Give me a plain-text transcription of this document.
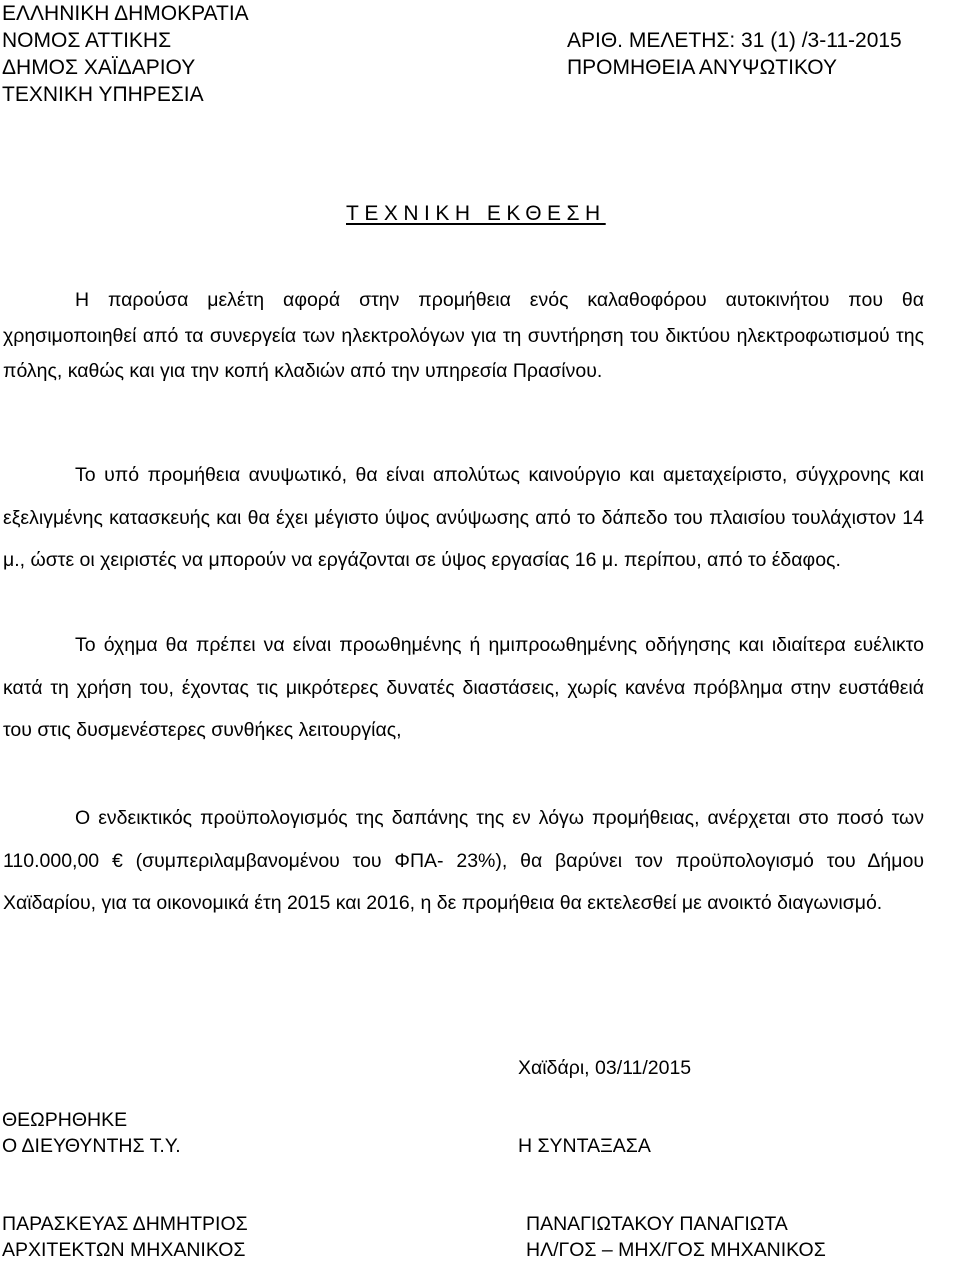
ΕΛΛΗΝΙΚΗ ΔΗΜΟΚΡΑΤΙΑ
ΝΟΜΟΣ ΑΤΤΙΚΗΣ
ΔΗΜΟΣ ΧΑΪΔΑΡΙΟΥ
ΤΕΧΝΙΚΗ ΥΠΗΡΕΣΙΑ
ΑΡΙΘ. ΜΕΛΕΤΗΣ: 31 (1) /3-11-2015
ΠΡΟΜΗΘΕΙΑ ΑΝΥΨΩΤΙΚΟΥ
ΤΕΧΝΙΚΗ ΕΚΘΕΣΗ

Η παρούσα μελέτη αφορά στην προμήθεια ενός καλαθοφόρου αυτοκινήτου που θα χρησιμοποιηθεί από τα συνεργεία των ηλεκτρολόγων για τη συντήρηση του δικτύου ηλεκτροφωτισμού της πόλης, καθώς και για την κοπή κλαδιών από την υπηρεσία Πρασίνου.

Το υπό προμήθεια ανυψωτικό, θα είναι απολύτως καινούργιο και αμεταχείριστο, σύγχρονης και εξελιγμένης κατασκευής και θα έχει μέγιστο ύψος ανύψωσης από το δάπεδο του πλαισίου τουλάχιστον 14 μ., ώστε οι χειριστές να μπορούν να εργάζονται σε ύψος εργασίας 16 μ. περίπου, από το έδαφος.

Το όχημα θα πρέπει να είναι προωθημένης ή ημιπροωθημένης οδήγησης και ιδιαίτερα ευέλικτο κατά τη χρήση του, έχοντας τις μικρότερες δυνατές διαστάσεις, χωρίς κανένα πρόβλημα στην ευστάθειά του στις δυσμενέστερες συνθήκες λειτουργίας,

Ο ενδεικτικός προϋπολογισμός της δαπάνης της εν λόγω προμήθειας, ανέρχεται στο ποσό των 110.000,00 € (συμπεριλαμβανομένου του ΦΠΑ- 23%), θα βαρύνει τον προϋπολογισμό του Δήμου Χαϊδαρίου, για τα οικονομικά έτη 2015 και 2016, η δε προμήθεια θα εκτελεσθεί με ανοικτό διαγωνισμό.

Χαϊδάρι, 03/11/2015
ΘΕΩΡΗΘΗΚΕ
Ο ΔΙΕΥΘΥΝΤΗΣ Τ.Υ.	Η ΣΥΝΤΑΞΑΣΑ
ΠΑΡΑΣΚΕΥΑΣ ΔΗΜΗΤΡΙΟΣ
ΑΡΧΙΤΕΚΤΩΝ ΜΗΧΑΝΙΚΟΣ
ΠΑΝΑΓΙΩΤΑΚΟΥ ΠΑΝΑΓΙΩΤΑ
ΗΛ/ΓΟΣ – ΜΗΧ/ΓΟΣ ΜΗΧΑΝΙΚΟΣ
